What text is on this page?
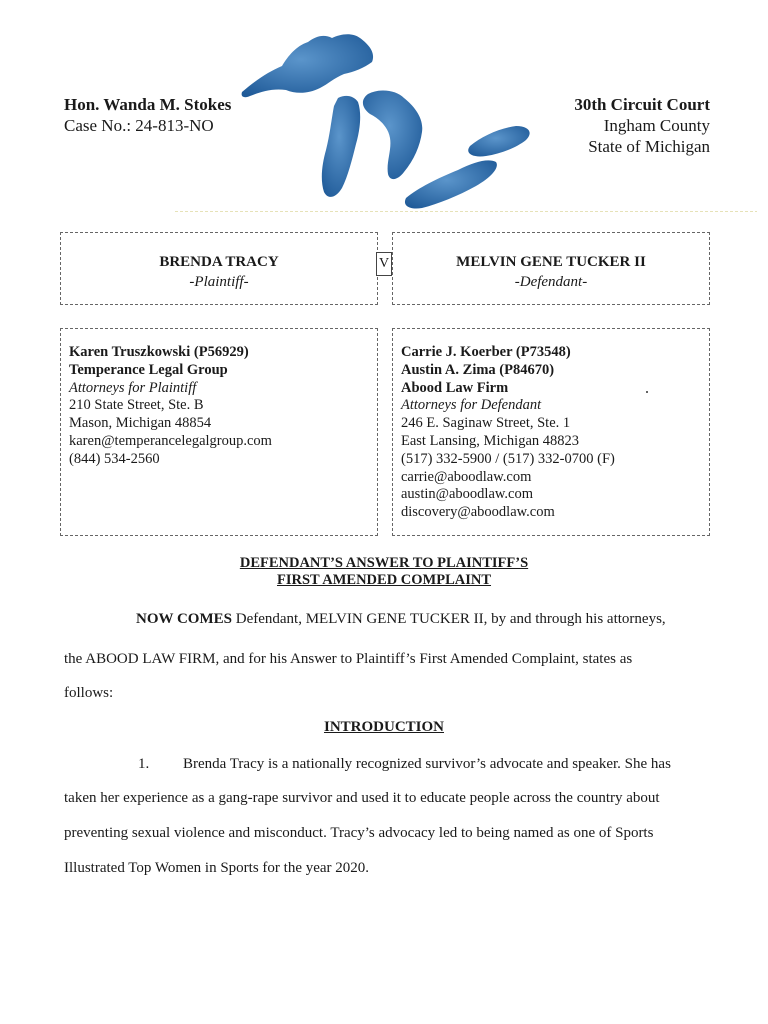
Hon. Wanda M. Stokes
Case No.: 24-813-NO
30th Circuit Court
Ingham County
State of Michigan
BRENDA TRACY
-Plaintiff-
V	MELVIN GENE TUCKER II
-Defendant-
Karen Truszkowski (P56929)
Temperance Legal Group
Attorneys for Plaintiff
210 State Street, Ste. B
Mason, Michigan 48854
karen@temperancelegalgroup.com
(844) 534-2560
Carrie J. Koerber (P73548)
Austin A. Zima (P84670)
Abood Law Firm
Attorneys for Defendant
246 E. Saginaw Street, Ste. 1
East Lansing, Michigan 48823
(517) 332-5900 / (517) 332-0700 (F)
carrie@aboodlaw.com
austin@aboodlaw.com
discovery@aboodlaw.com
DEFENDANT’S ANSWER TO PLAINTIFF’S
FIRST AMENDED COMPLAINT
NOW COMES Defendant, MELVIN GENE TUCKER II, by and through his attorneys,
the ABOOD LAW FIRM, and for his Answer to Plaintiff’s First Amended Complaint, states as
follows:
INTRODUCTION
1. Brenda Tracy is a nationally recognized survivor’s advocate and speaker. She has
taken her experience as a gang-rape survivor and used it to educate people across the country about
preventing sexual violence and misconduct. Tracy’s advocacy led to being named as one of Sports
Illustrated Top Women in Sports for the year 2020.
